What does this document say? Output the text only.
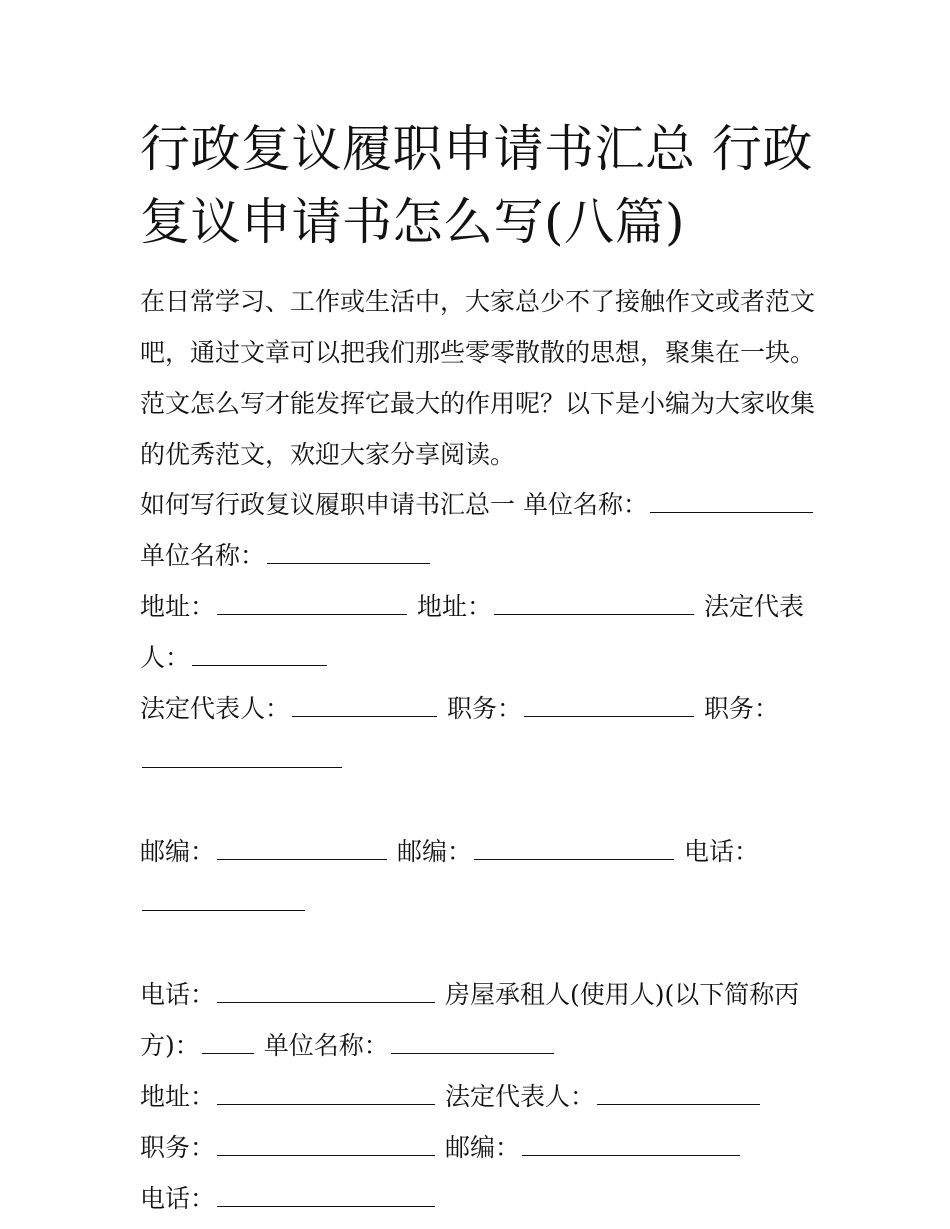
行政复议履职申请书汇总 行政
复议申请书怎么写(八篇)
在日常学习、工作或生活中，大家总少不了接触作文或者范文
吧，通过文章可以把我们那些零零散散的思想，聚集在一块。
范文怎么写才能发挥它最大的作用呢？以下是小编为大家收集
的优秀范文，欢迎大家分享阅读。
如何写行政复议履职申请书汇总一 单位名称：
单位名称：
地址：	地址：	法定代表
人：
法定代表人：	职务：	职务：
邮编：	邮编：	电话：
电话：	房屋承租人(使用人)(以下简称丙
方)：	单位名称：
地址：	法定代表人：
职务：	邮编：
电话：
